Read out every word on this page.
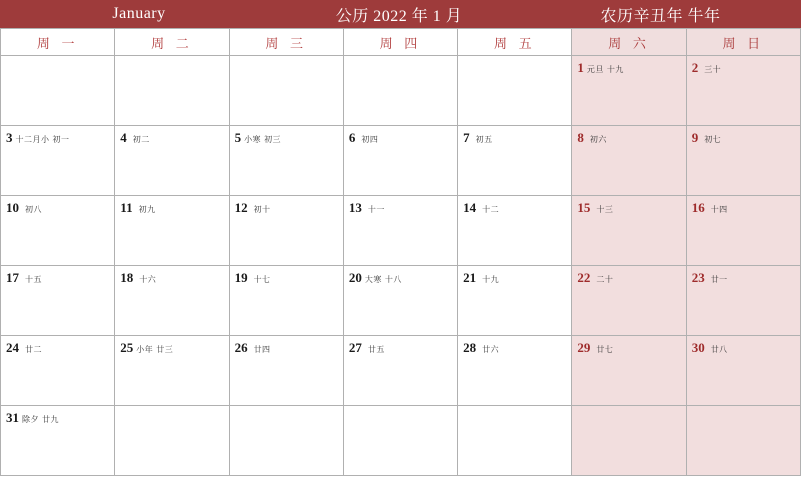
January	公历 2022 年 1 月	农历辛丑年 牛年
周 一	周 二	周 三	周 四	周 五	周 六	周 日

					1 元旦 十九	2 三十

3 十二月小 初一	4 初二	5 小寒 初三	6 初四	7 初五	8 初六	9 初七

10 初八	11 初九	12 初十	13 十一	14 十二	15 十三	16 十四

17 十五	18 十六	19 十七	20 大寒 十八	21 十九	22 二十	23 廿一

24 廿二	25 小年 廿三	26 廿四	27 廿五	28 廿六	29 廿七	30 廿八

31 除夕 廿九						
